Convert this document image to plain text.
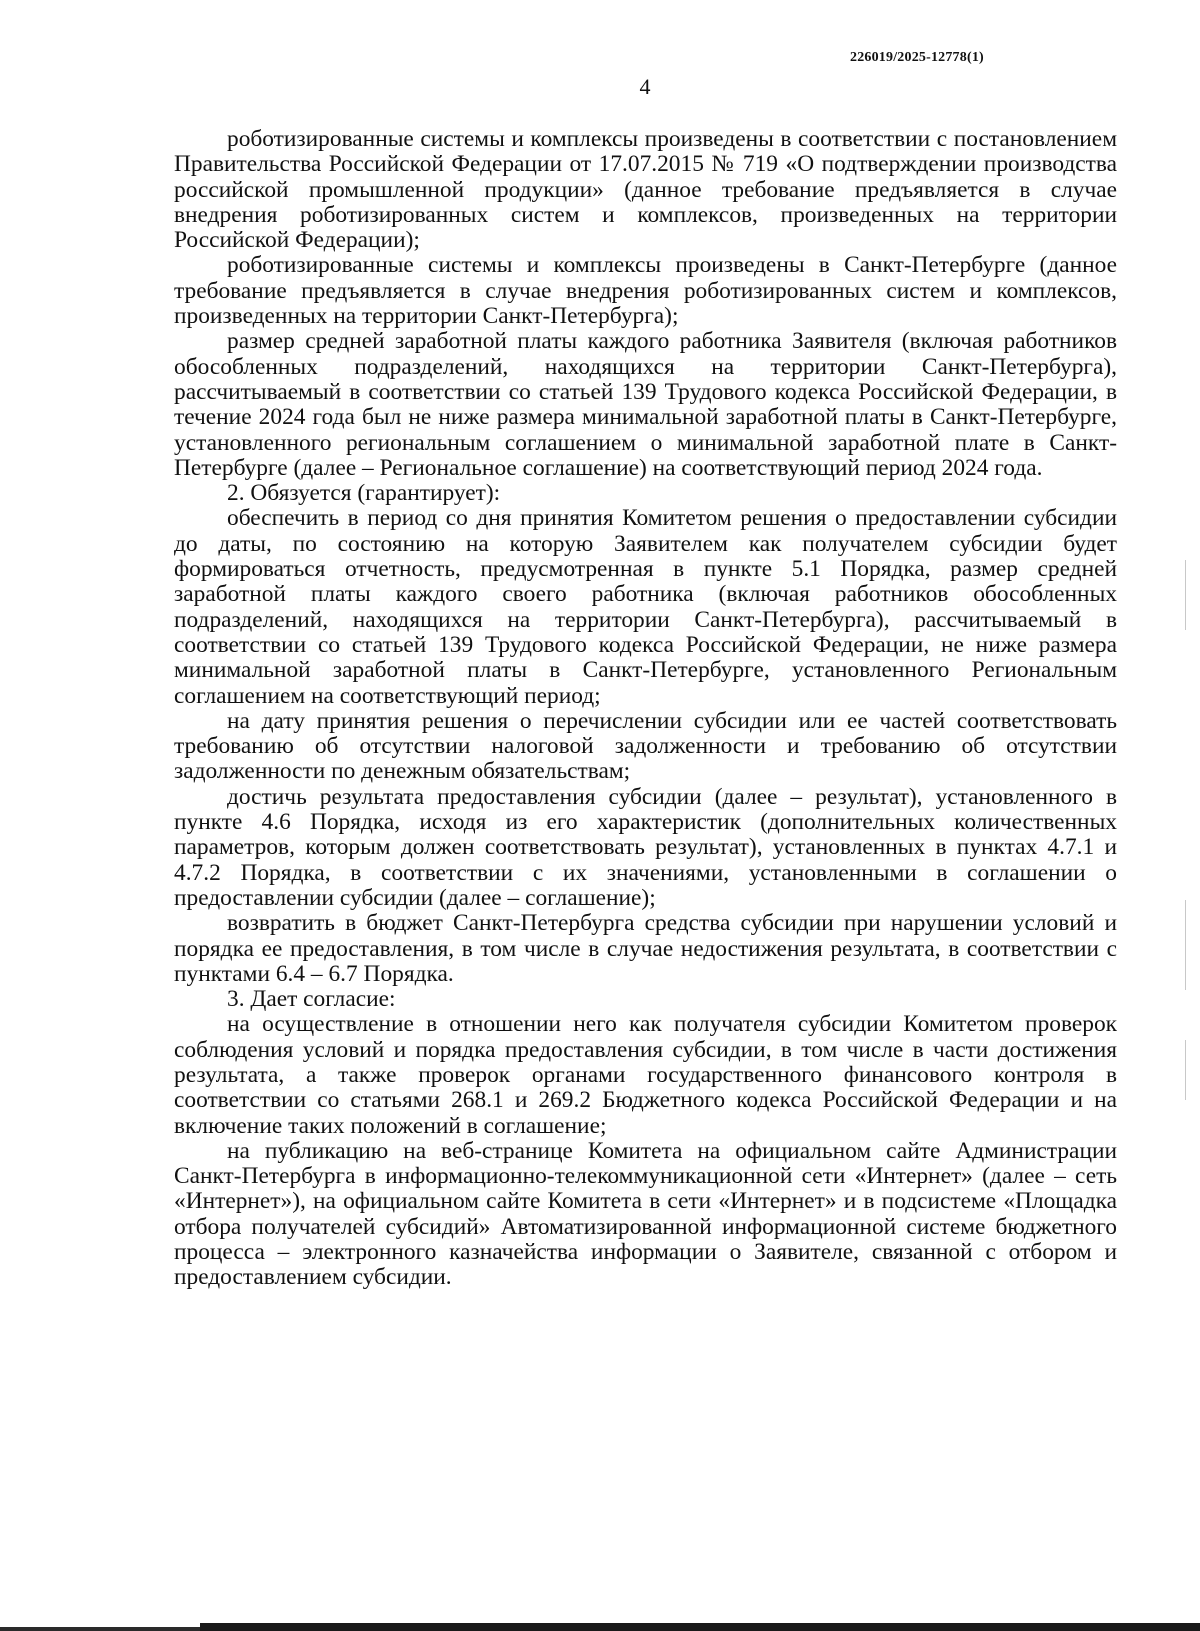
226019/2025-12778(1)
4

роботизированные системы и комплексы произведены в соответствии с постановлением Правительства Российской Федерации от 17.07.2015 № 719 «О подтверждении производства российской промышленной продукции» (данное требование предъявляется в случае внедрения роботизированных систем и комплексов, произведенных на территории Российской Федерации);

роботизированные системы и комплексы произведены в Санкт-Петербурге (данное требование предъявляется в случае внедрения роботизированных систем и комплексов, произведенных на территории Санкт-Петербурга);

размер средней заработной платы каждого работника Заявителя (включая работников обособленных подразделений, находящихся на территории Санкт-Петербурга), рассчитываемый в соответствии со статьей 139 Трудового кодекса Российской Федерации, в течение 2024 года был не ниже размера минимальной заработной платы в Санкт-Петербурге, установленного региональным соглашением о минимальной заработной плате в Санкт-Петербурге (далее – Региональное соглашение) на соответствующий период 2024 года.

2. Обязуется (гарантирует):

обеспечить в период со дня принятия Комитетом решения о предоставлении субсидии до даты, по состоянию на которую Заявителем как получателем субсидии будет формироваться отчетность, предусмотренная в пункте 5.1 Порядка, размер средней заработной платы каждого своего работника (включая работников обособленных подразделений, находящихся на территории Санкт-Петербурга), рассчитываемый в соответствии со статьей 139 Трудового кодекса Российской Федерации, не ниже размера минимальной заработной платы в Санкт-Петербурге, установленного Региональным соглашением на соответствующий период;

на дату принятия решения о перечислении субсидии или ее частей соответствовать требованию об отсутствии налоговой задолженности и требованию об отсутствии задолженности по денежным обязательствам;

достичь результата предоставления субсидии (далее – результат), установленного в пункте 4.6 Порядка, исходя из его характеристик (дополнительных количественных параметров, которым должен соответствовать результат), установленных в пунктах 4.7.1 и 4.7.2 Порядка, в соответствии с их значениями, установленными в соглашении о предоставлении субсидии (далее – соглашение);

возвратить в бюджет Санкт-Петербурга средства субсидии при нарушении условий и порядка ее предоставления, в том числе в случае недостижения результата, в соответствии с пунктами 6.4 – 6.7 Порядка.

3. Дает согласие:

на осуществление в отношении него как получателя субсидии Комитетом проверок соблюдения условий и порядка предоставления субсидии, в том числе в части достижения результата, а также проверок органами государственного финансового контроля в соответствии со статьями 268.1 и 269.2 Бюджетного кодекса Российской Федерации и на включение таких положений в соглашение;

на публикацию на веб-странице Комитета на официальном сайте Администрации Санкт-Петербурга в информационно-телекоммуникационной сети «Интернет» (далее – сеть «Интернет»), на официальном сайте Комитета в сети «Интернет» и в подсистеме «Площадка отбора получателей субсидий» Автоматизированной информационной системе бюджетного процесса – электронного казначейства информации о Заявителе, связанной с отбором и предоставлением субсидии.
